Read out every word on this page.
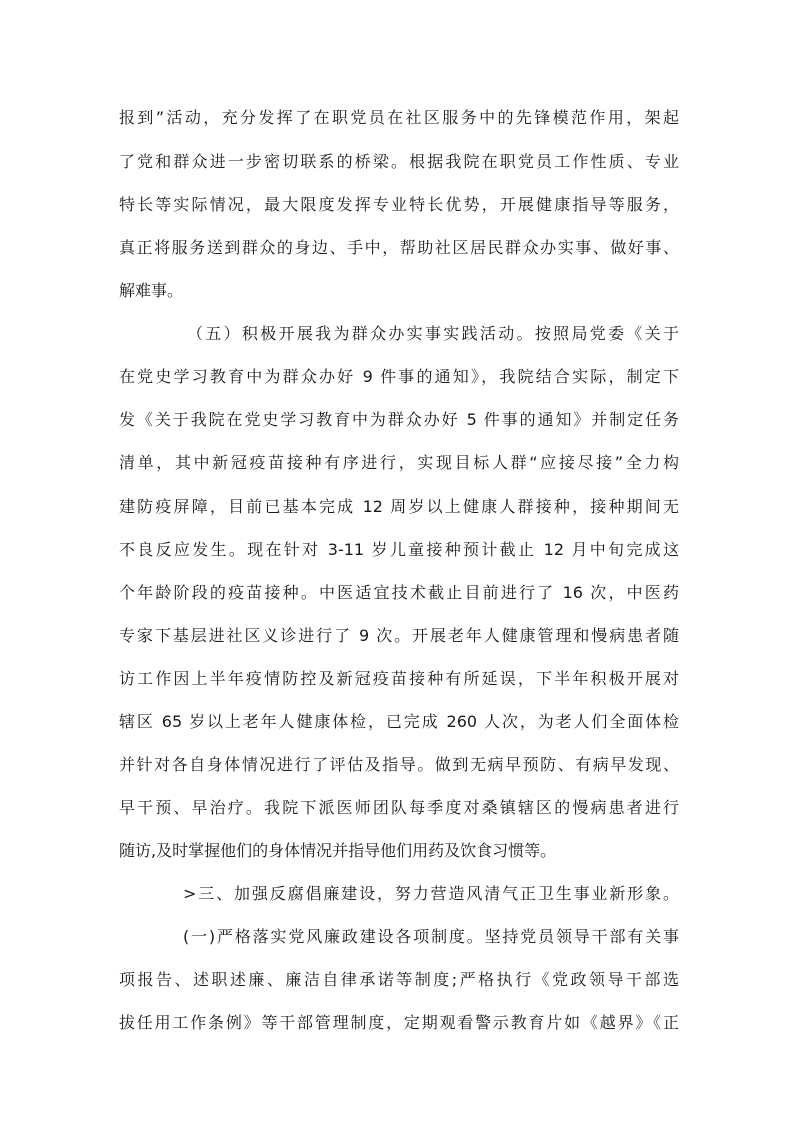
报到”活动，充分发挥了在职党员在社区服务中的先锋模范作用，架起
了党和群众进一步密切联系的桥梁。根据我院在职党员工作性质、专业
特长等实际情况，最大限度发挥专业特长优势，开展健康指导等服务，
真正将服务送到群众的身边、手中，帮助社区居民群众办实事、做好事、
解难事。
（五）积极开展我为群众办实事实践活动。按照局党委《关于
在党史学习教育中为群众办好 9 件事的通知》，我院结合实际，制定下
发《关于我院在党史学习教育中为群众办好 5 件事的通知》并制定任务
清单，其中新冠疫苗接种有序进行，实现目标人群“应接尽接”全力构
建防疫屏障，目前已基本完成 12 周岁以上健康人群接种，接种期间无
不良反应发生。现在针对 3-11 岁儿童接种预计截止 12 月中旬完成这
个年龄阶段的疫苗接种。中医适宜技术截止目前进行了 16 次，中医药
专家下基层进社区义诊进行了 9 次。开展老年人健康管理和慢病患者随
访工作因上半年疫情防控及新冠疫苗接种有所延误，下半年积极开展对
辖区 65 岁以上老年人健康体检，已完成 260 人次，为老人们全面体检
并针对各自身体情况进行了评估及指导。做到无病早预防、有病早发现、
早干预、早治疗。我院下派医师团队每季度对桑镇辖区的慢病患者进行
随访,及时掌握他们的身体情况并指导他们用药及饮食习惯等。
>三、加强反腐倡廉建设，努力营造风清气正卫生事业新形象。
(一)严格落实党风廉政建设各项制度。坚持党员领导干部有关事
项报告、述职述廉、廉洁自律承诺等制度;严格执行《党政领导干部选
拔任用工作条例》等干部管理制度，定期观看警示教育片如《越界》《正
